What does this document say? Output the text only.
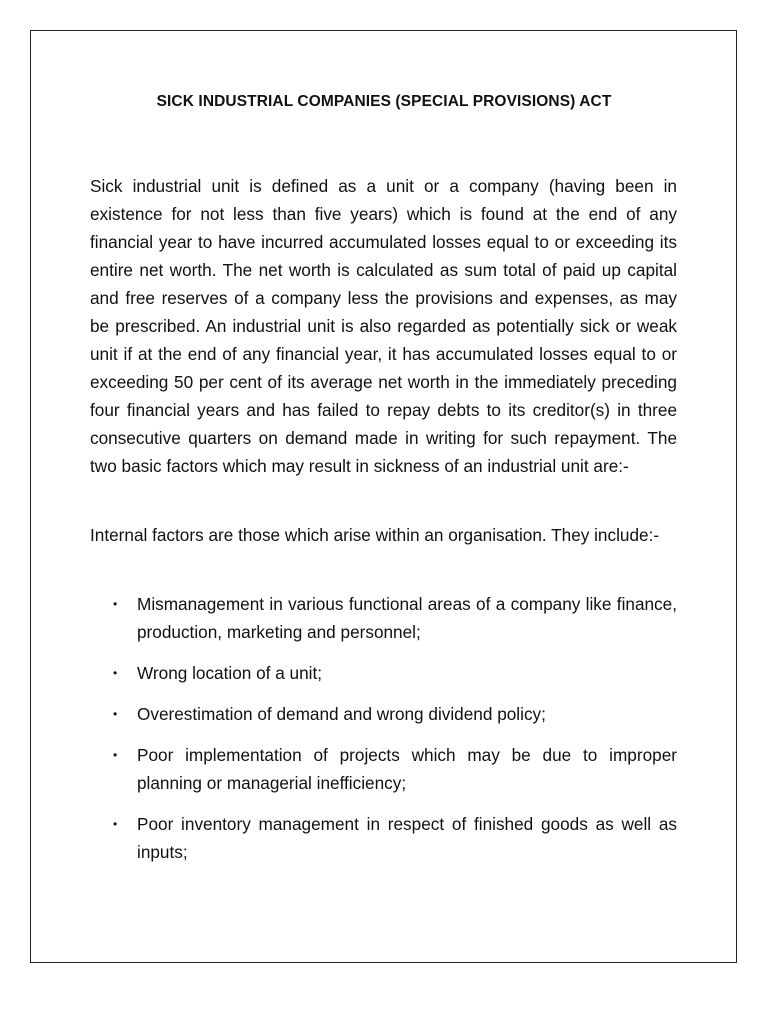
SICK INDUSTRIAL COMPANIES (SPECIAL PROVISIONS) ACT

Sick industrial unit is defined as a unit or a company (having been in existence for not less than five years) which is found at the end of any financial year to have incurred accumulated losses equal to or exceeding its entire net worth. The net worth is calculated as sum total of paid up capital and free reserves of a company less the provisions and expenses, as may be prescribed. An industrial unit is also regarded as potentially sick or weak unit if at the end of any financial year, it has accumulated losses equal to or exceeding 50 per cent of its average net worth in the immediately preceding four financial years and has failed to repay debts to its creditor(s) in three consecutive quarters on demand made in writing for such repayment. The two basic factors which may result in sickness of an industrial unit are:-

Internal factors are those which arise within an organisation. They include:-

• Mismanagement in various functional areas of a company like finance, production, marketing and personnel;
• Wrong location of a unit;
• Overestimation of demand and wrong dividend policy;
• Poor implementation of projects which may be due to improper planning or managerial inefficiency;
• Poor inventory management in respect of finished goods as well as inputs;
